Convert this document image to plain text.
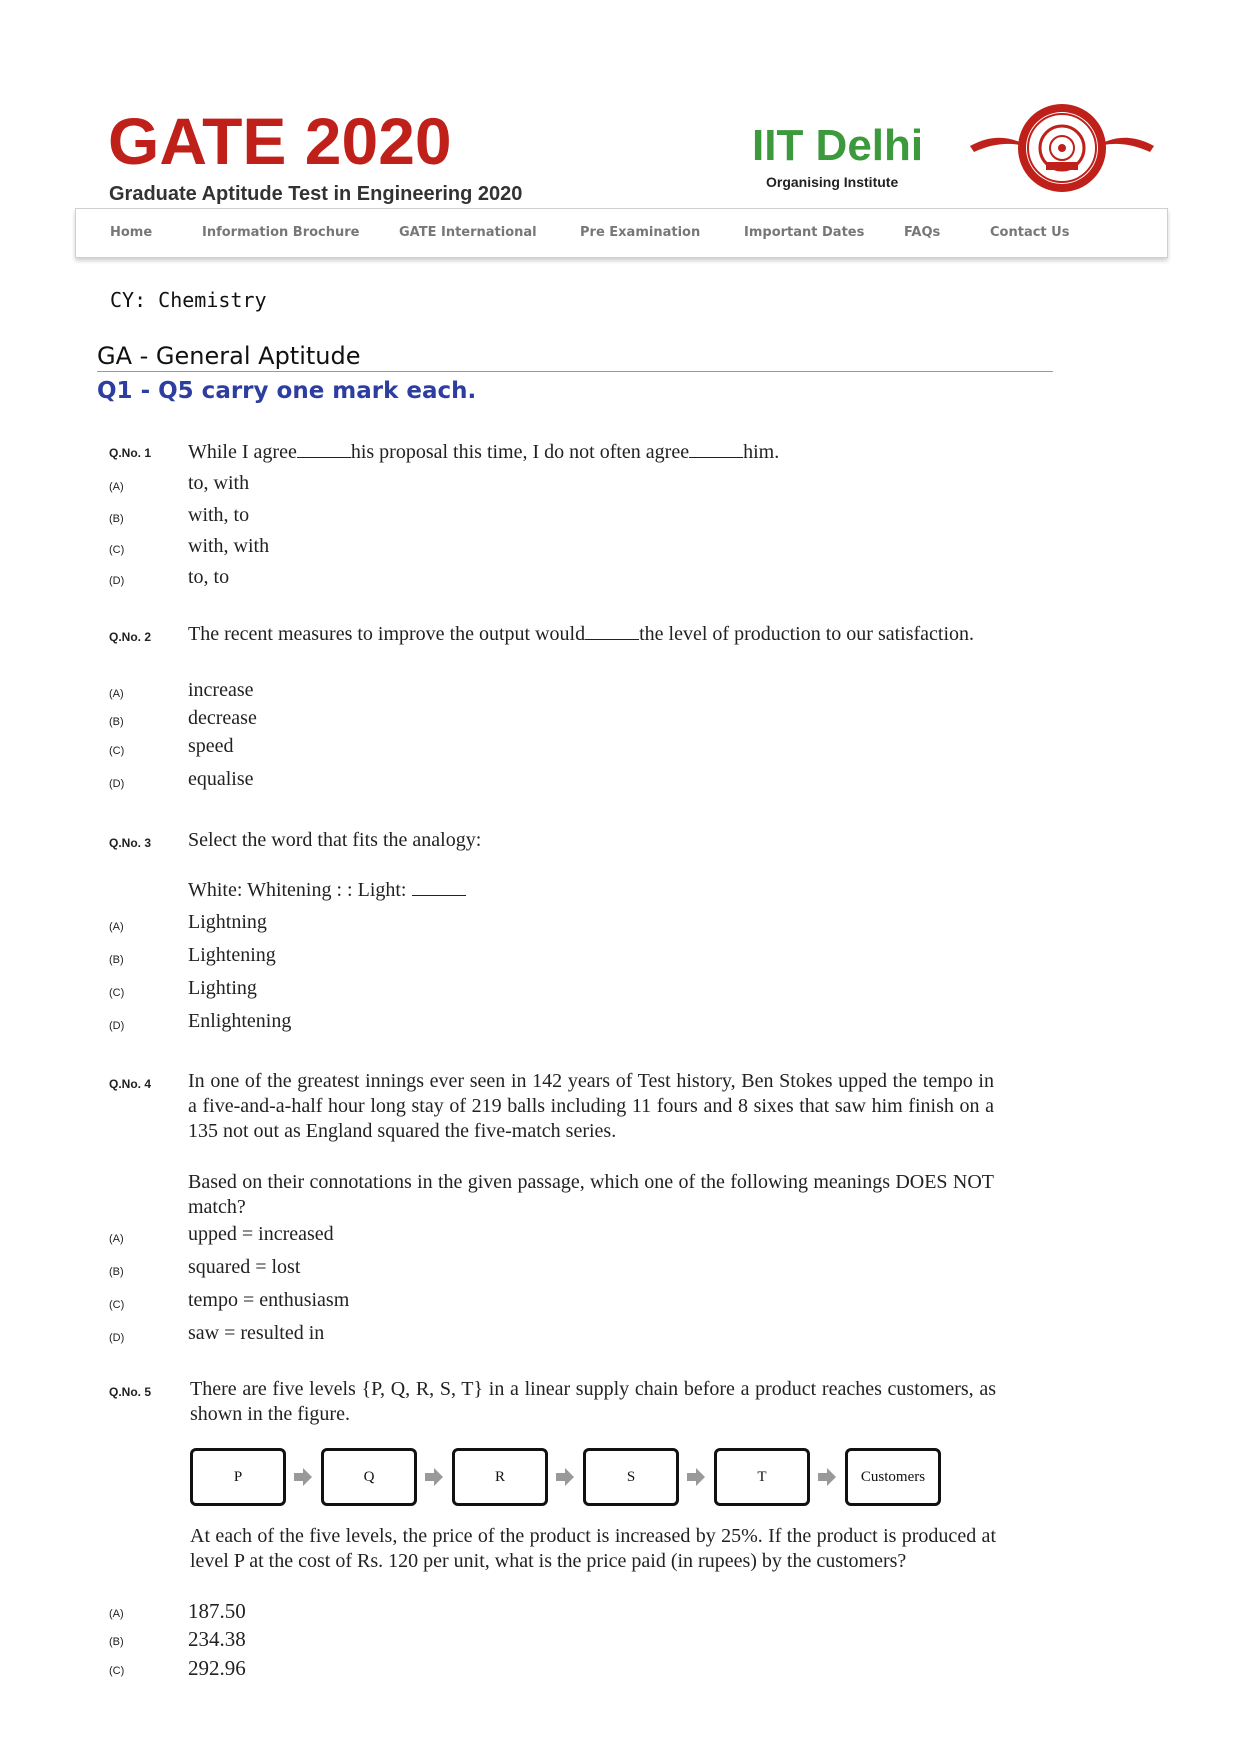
GATE 2020
Graduate Aptitude Test in Engineering 2020
IIT Delhi
Organising Institute
Home	Information Brochure	GATE International	Pre Examination	Important Dates	FAQs	Contact Us
CY: Chemistry
GA - General Aptitude
Q1 - Q5 carry one mark each.
Q.No. 1 While I agree	his proposal this time, I do not often agree	him.
(A)	to, with
(B)	with, to
(C)	with, with
(D)	to, to
Q.No. 2 The recent measures to improve the output would	the level of production to our satisfaction.
(A)	increase
(B)	decrease
(C)	speed
(D)	equalise
Q.No. 3 Select the word that fits the analogy:
White: Whitening : : Light:
(A)	Lightning
(B)	Lightening
(C)	Lighting
(D)	Enlightening
Q.No. 4 In one of the greatest innings ever seen in 142 years of Test history, Ben Stokes upped the tempo in a five-and-a-half hour long stay of 219 balls including 11 fours and 8 sixes that saw him finish on a 135 not out as England squared the five-match series.
Based on their connotations in the given passage, which one of the following meanings DOES NOT match?
(A)	upped = increased
(B)	squared = lost
(C)	tempo = enthusiasm
(D)	saw = resulted in
Q.No. 5 There are five levels {P, Q, R, S, T} in a linear supply chain before a product reaches customers, as shown in the figure.
P	Q	R	S	T	Customers
At each of the five levels, the price of the product is increased by 25%. If the product is produced at level P at the cost of Rs. 120 per unit, what is the price paid (in rupees) by the customers?
(A)	187.50
(B)	234.38
(C)	292.96
